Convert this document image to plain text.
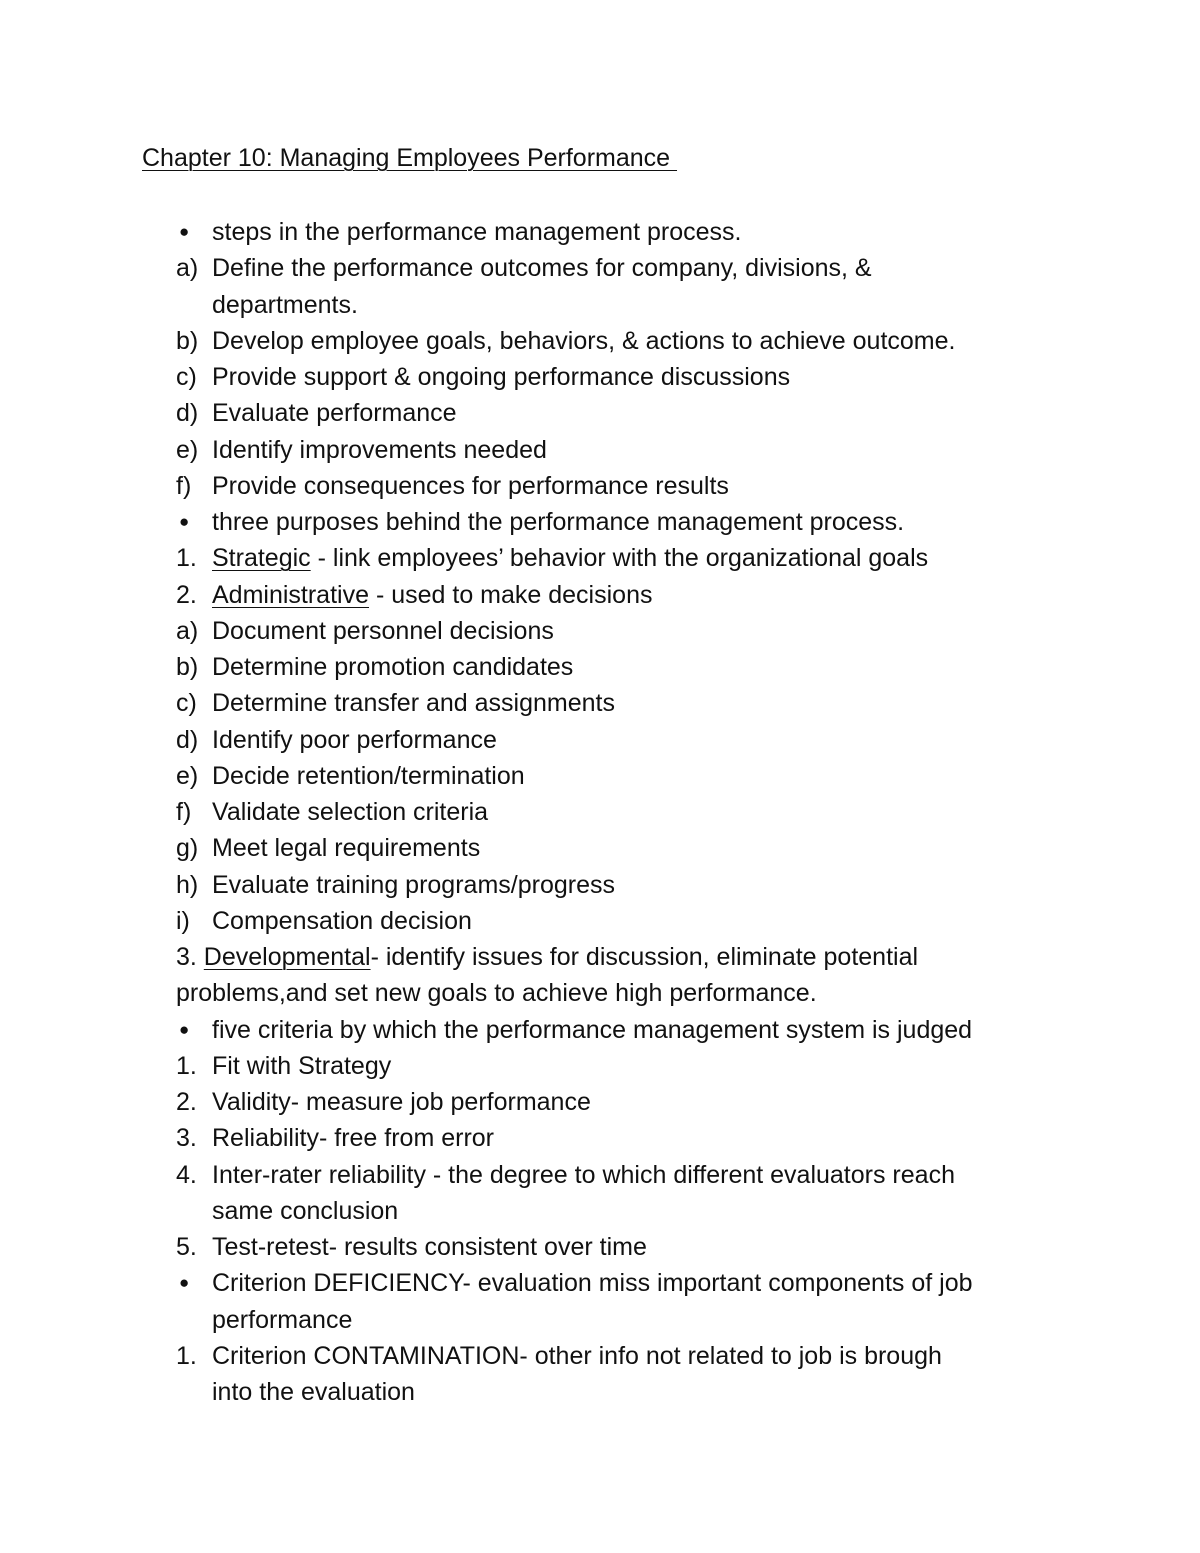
Chapter 10: Managing Employees Performance
● steps in the performance management process.
a) Define the performance outcomes for company, divisions, &
departments.
b) Develop employee goals, behaviors, & actions to achieve outcome.
c) Provide support & ongoing performance discussions
d) Evaluate performance
e) Identify improvements needed
f) Provide consequences for performance results
● three purposes behind the performance management process.
1. Strategic - link employees’ behavior with the organizational goals
2. Administrative - used to make decisions
a) Document personnel decisions
b) Determine promotion candidates
c) Determine transfer and assignments
d) Identify poor performance
e) Decide retention/termination
f) Validate selection criteria
g) Meet legal requirements
h) Evaluate training programs/progress
i) Compensation decision
3. Developmental- identify issues for discussion, eliminate potential
problems,and set new goals to achieve high performance.
● five criteria by which the performance management system is judged
1. Fit with Strategy
2. Validity- measure job performance
3. Reliability- free from error
4. Inter-rater reliability - the degree to which different evaluators reach
same conclusion
5. Test-retest- results consistent over time
● Criterion DEFICIENCY- evaluation miss important components of job
performance
1. Criterion CONTAMINATION- other info not related to job is brough
into the evaluation
